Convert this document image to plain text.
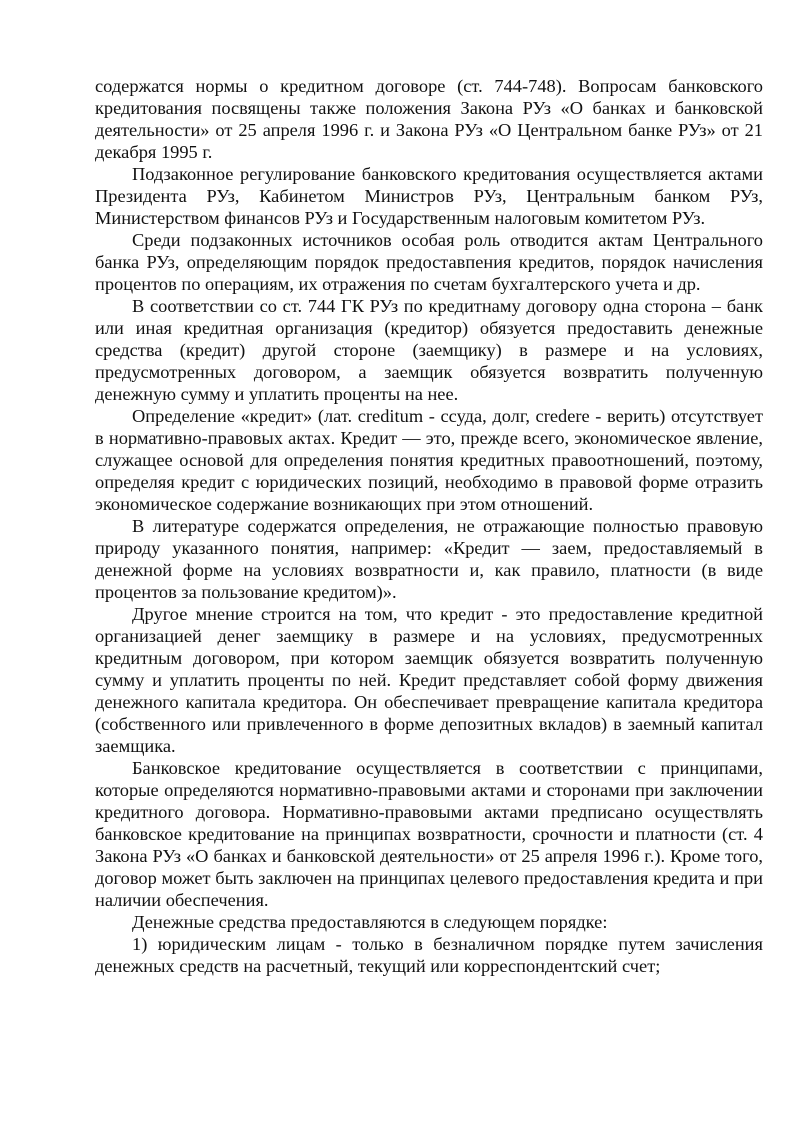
содержатся нормы о кредитном договоре (ст. 744-748). Вопросам банковского кредитования посвящены также положения Закона РУз «О банках и банковской деятельности» от 25 апреля 1996 г. и Закона РУз «О Центральном банке РУз» от 21 декабря 1995 г.

Подзаконное регулирование банковского кредитования осуществляется актами Президента РУз, Кабинетом Министров РУз, Центральным банком РУз, Министерством финансов РУз и Государственным налоговым комитетом РУз.

Среди подзаконных источников особая роль отводится актам Центрального банка РУз, определяющим порядок предоставпения кредитов, порядок начисления процентов по операциям, их отражения по счетам бухгалтерского учета и др.

В соответствии со ст. 744 ГК РУз по кредитнаму договору одна сторона – банк или иная кредитная организация (кредитор) обязуется предоставить денежные средства (кредит) другой стороне (заемщику) в размере и на условиях, предусмотренных договором, а заемщик обязуется возвратить полученную денежную сумму и уплатить проценты на нее.

Определение «кредит» (лат. creditum - ссуда, долг, credere - верить) отсутствует в нормативно-правовых актах. Кредит — это, прежде всего, экономическое явление, служащее основой для определения понятия кредитных правоотношений, поэтому, определяя кредит с юридических позиций, необходимо в правовой форме отразить экономическое содержание возникающих при этом отношений.

В литературе содержатся определения, не отражающие полностью правовую природу указанного понятия, например: «Кредит — заем, предоставляемый в денежной форме на условиях возвратности и, как правило, платности (в виде процентов за пользование кредитом)».

Другое мнение строится на том, что кредит - это предоставление кредитной организацией денег заемщику в размере и на условиях, предусмотренных кредитным договором, при котором заемщик обязуется возвратить полученную сумму и уплатить проценты по ней. Кредит представляет собой форму движения денежного капитала кредитора. Он обеспечивает превращение капитала кредитора (собственного или привлеченного в форме депозитных вкладов) в заемный капитал заемщика.

Банковское кредитование осуществляется в соответствии с принципами, которые определяются нормативно-правовыми актами и сторонами при заключении кредитного договора. Нормативно-правовыми актами предписано осуществлять банковское кредитование на принципах возвратности, срочности и платности (ст. 4 Закона РУз «О банках и банковской деятельности» от 25 апреля 1996 г.). Кроме того, договор может быть заключен на принципах целевого предоставления кредита и при наличии обеспечения.

Денежные средства предоставляются в следующем порядке:

1) юридическим лицам - только в безналичном порядке путем зачисления денежных средств на расчетный, текущий или корреспондентский счет;
